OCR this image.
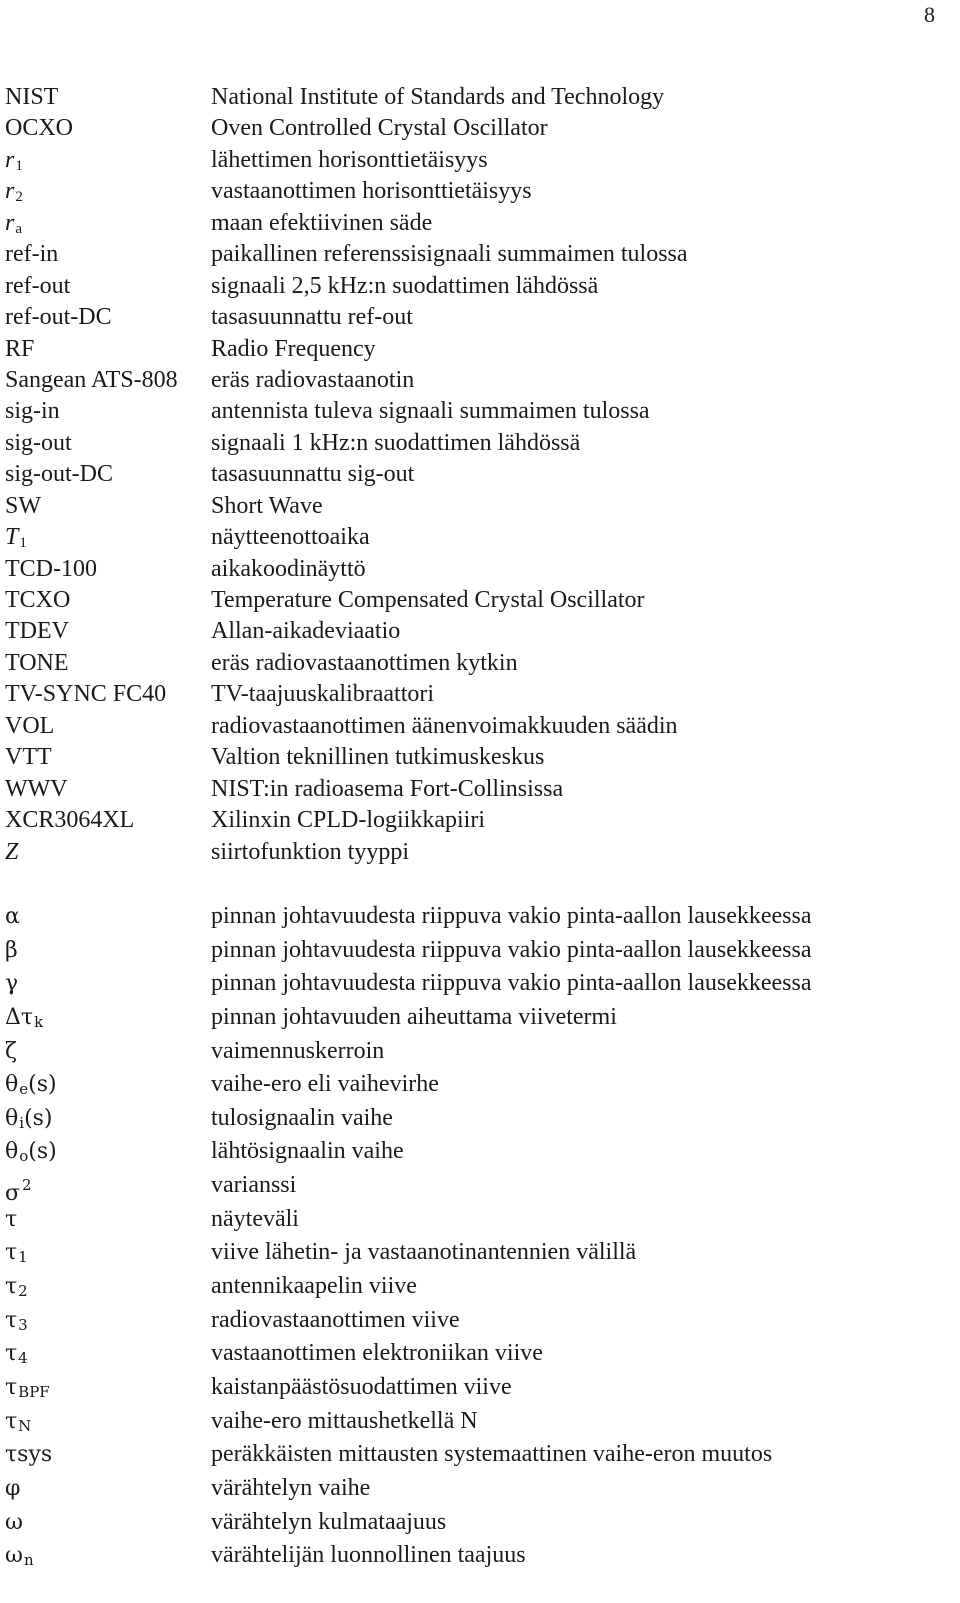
8
NIST	National Institute of Standards and Technology
OCXO	Oven Controlled Crystal Oscillator
$r_1$	lähettimen horisonttietäisyys
$r_2$	vastaanottimen horisonttietäisyys
$r_a$	maan efektiivinen säde
ref-in	paikallinen referenssisignaali summaimen tulossa
ref-out	signaali 2,5 kHz:n suodattimen lähdössä
ref-out-DC	tasasuunnattu ref-out
RF	Radio Frequency
Sangean ATS-808	eräs radiovastaanotin
sig-in	antennista tuleva signaali summaimen tulossa
sig-out	signaali 1 kHz:n suodattimen lähdössä
sig-out-DC	tasasuunnattu sig-out
SW	Short Wave
$T_1$	näytteenottoaika
TCD-100	aikakoodinäyttö
TCXO	Temperature Compensated Crystal Oscillator
TDEV	Allan-aikadeviaatio
TONE	eräs radiovastaanottimen kytkin
TV-SYNC FC40	TV-taajuuskalibraattori
VOL	radiovastaanottimen äänenvoimakkuuden säädin
VTT	Valtion teknillinen tutkimuskeskus
WWV	NIST:in radioasema Fort-Collinsissa
XCR3064XL	Xilinxin CPLD-logiikkapiiri
Z	siirtofunktion tyyppi
α	pinnan johtavuudesta riippuva vakio pinta-aallon lausekkeessa
β	pinnan johtavuudesta riippuva vakio pinta-aallon lausekkeessa
γ	pinnan johtavuudesta riippuva vakio pinta-aallon lausekkeessa
$\Delta\tau_k$	pinnan johtavuuden aiheuttama viivetermi
ζ	vaimennuskerroin
$\theta_e(s)$	vaihe-ero eli vaihevirhe
$\theta_i(s)$	tulosignaalin vaihe
$\theta_o(s)$	lähtösignaalin vaihe
σ $^2$	varianssi
τ	näyteväli
$\tau_1$	viive lähetin- ja vastaanotinantennien välillä
$\tau_2$	antennikaapelin viive
$\tau_3$	radiovastaanottimen viive
$\tau_4$	vastaanottimen elektroniikan viive
$\tau_{BPF}$	kaistanpäästösuodattimen viive
$\tau_N$	vaihe-ero mittaushetkellä N
τsys	peräkkäisten mittausten systemaattinen vaihe-eron muutos
φ	värähtelyn vaihe
ω	värähtelyn kulmataajuus
$\omega_n$	värähtelijän luonnollinen taajuus
